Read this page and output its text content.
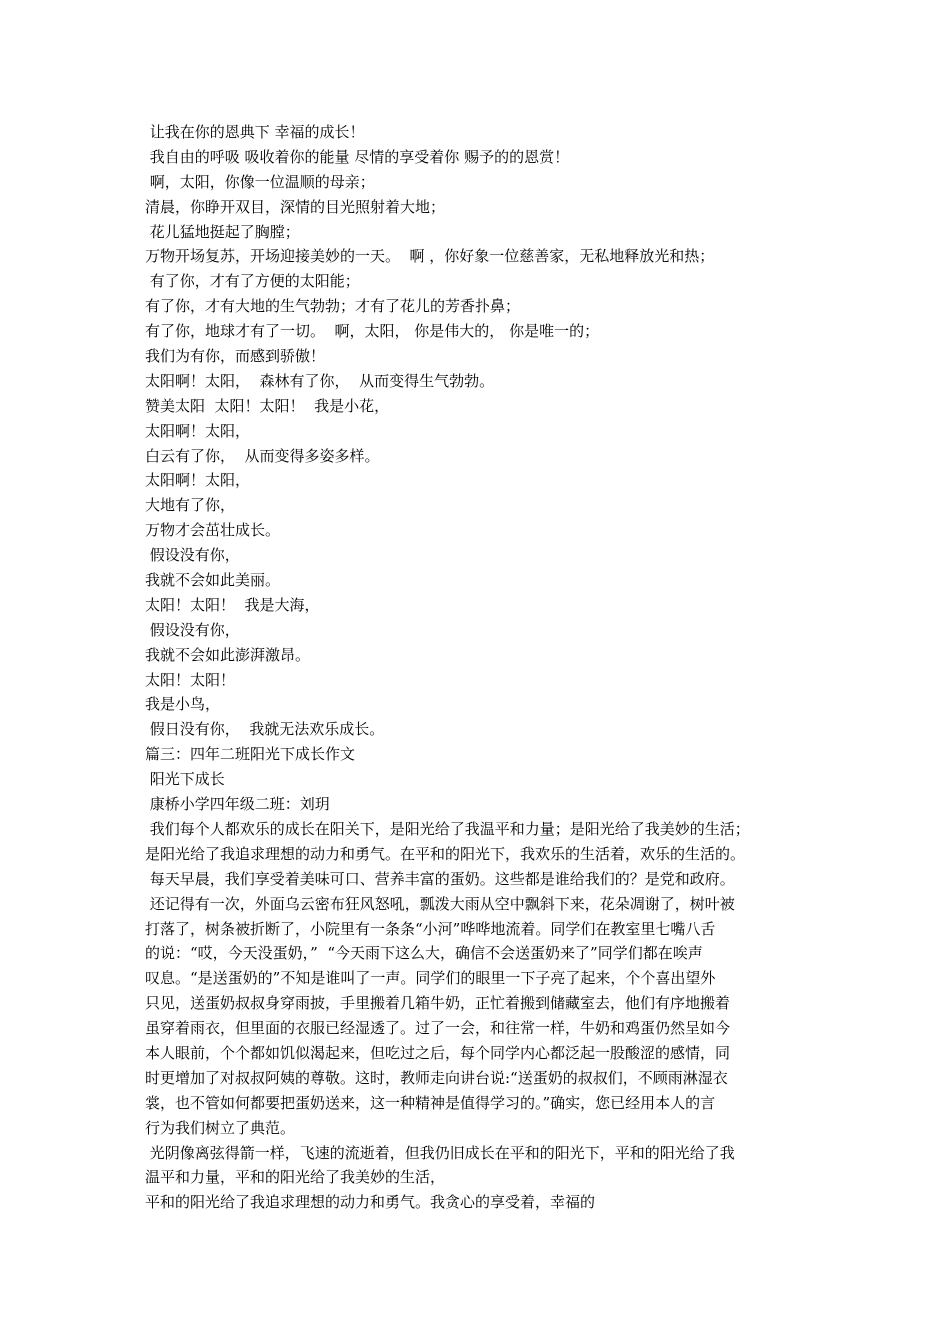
让我在你的恩典下 幸福的成长！
我自由的呼吸 吸收着你的能量 尽情的享受着你 赐予的的恩赏！
啊，太阳，你像一位温顺的母亲；
清晨，你睁开双目，深情的目光照射着大地；
花儿猛地挺起了胸膛；
万物开场复苏，开场迎接美妙的一天。  啊 ，你好象一位慈善家，无私地释放光和热；
有了你，才有了方便的太阳能；
有了你，才有大地的生气勃勃；才有了花儿的芳香扑鼻；
有了你，地球才有了一切。  啊，太阳， 你是伟大的， 你是唯一的；
我们为有你，而感到骄傲！
太阳啊！太阳，  森林有了你，  从而变得生气勃勃。
赞美太阳  太阳！太阳！  我是小花，
太阳啊！太阳，
白云有了你，  从而变得多姿多样。
太阳啊！太阳，
大地有了你，
万物才会茁壮成长。
假设没有你，
我就不会如此美丽。
太阳！太阳！  我是大海，
假设没有你，
我就不会如此澎湃激昂。
太阳！太阳！
我是小鸟，
假日没有你，  我就无法欢乐成长。
篇三：四年二班阳光下成长作文
阳光下成长
康桥小学四年级二班：刘玥
我们每个人都欢乐的成长在阳关下，是阳光给了我温平和力量；是阳光给了我美妙的生活；
是阳光给了我追求理想的动力和勇气。在平和的阳光下，我欢乐的生活着，欢乐的生活的。
每天早晨，我们享受着美味可口、营养丰富的蛋奶。这些都是谁给我们的？是党和政府。
还记得有一次，外面乌云密布狂风怒吼，瓢泼大雨从空中飘斜下来，花朵凋谢了，树叶被
打落了，树条被折断了，小院里有一条条“小河”哗哗地流着。同学们在教室里七嘴八舌
的说：“哎，今天没蛋奶，”  “今天雨下这么大，确信不会送蛋奶来了”同学们都在唉声
叹息。“是送蛋奶的”不知是谁叫了一声。同学们的眼里一下子亮了起来，个个喜出望外
只见，送蛋奶叔叔身穿雨披，手里搬着几箱牛奶，正忙着搬到储藏室去，他们有序地搬着
虽穿着雨衣，但里面的衣服已经湿透了。过了一会，和往常一样，牛奶和鸡蛋仍然呈如今
本人眼前，个个都如饥似渴起来，但吃过之后，每个同学内心都泛起一股酸涩的感情，同
时更增加了对叔叔阿姨的尊敬。这时，教师走向讲台说:“送蛋奶的叔叔们，不顾雨淋湿衣
裳，也不管如何都要把蛋奶送来，这一种精神是值得学习的。”确实，您已经用本人的言
行为我们树立了典范。
光阴像离弦得箭一样，飞速的流逝着，但我仍旧成长在平和的阳光下，平和的阳光给了我
温平和力量，平和的阳光给了我美妙的生活，
平和的阳光给了我追求理想的动力和勇气。我贪心的享受着，幸福的
